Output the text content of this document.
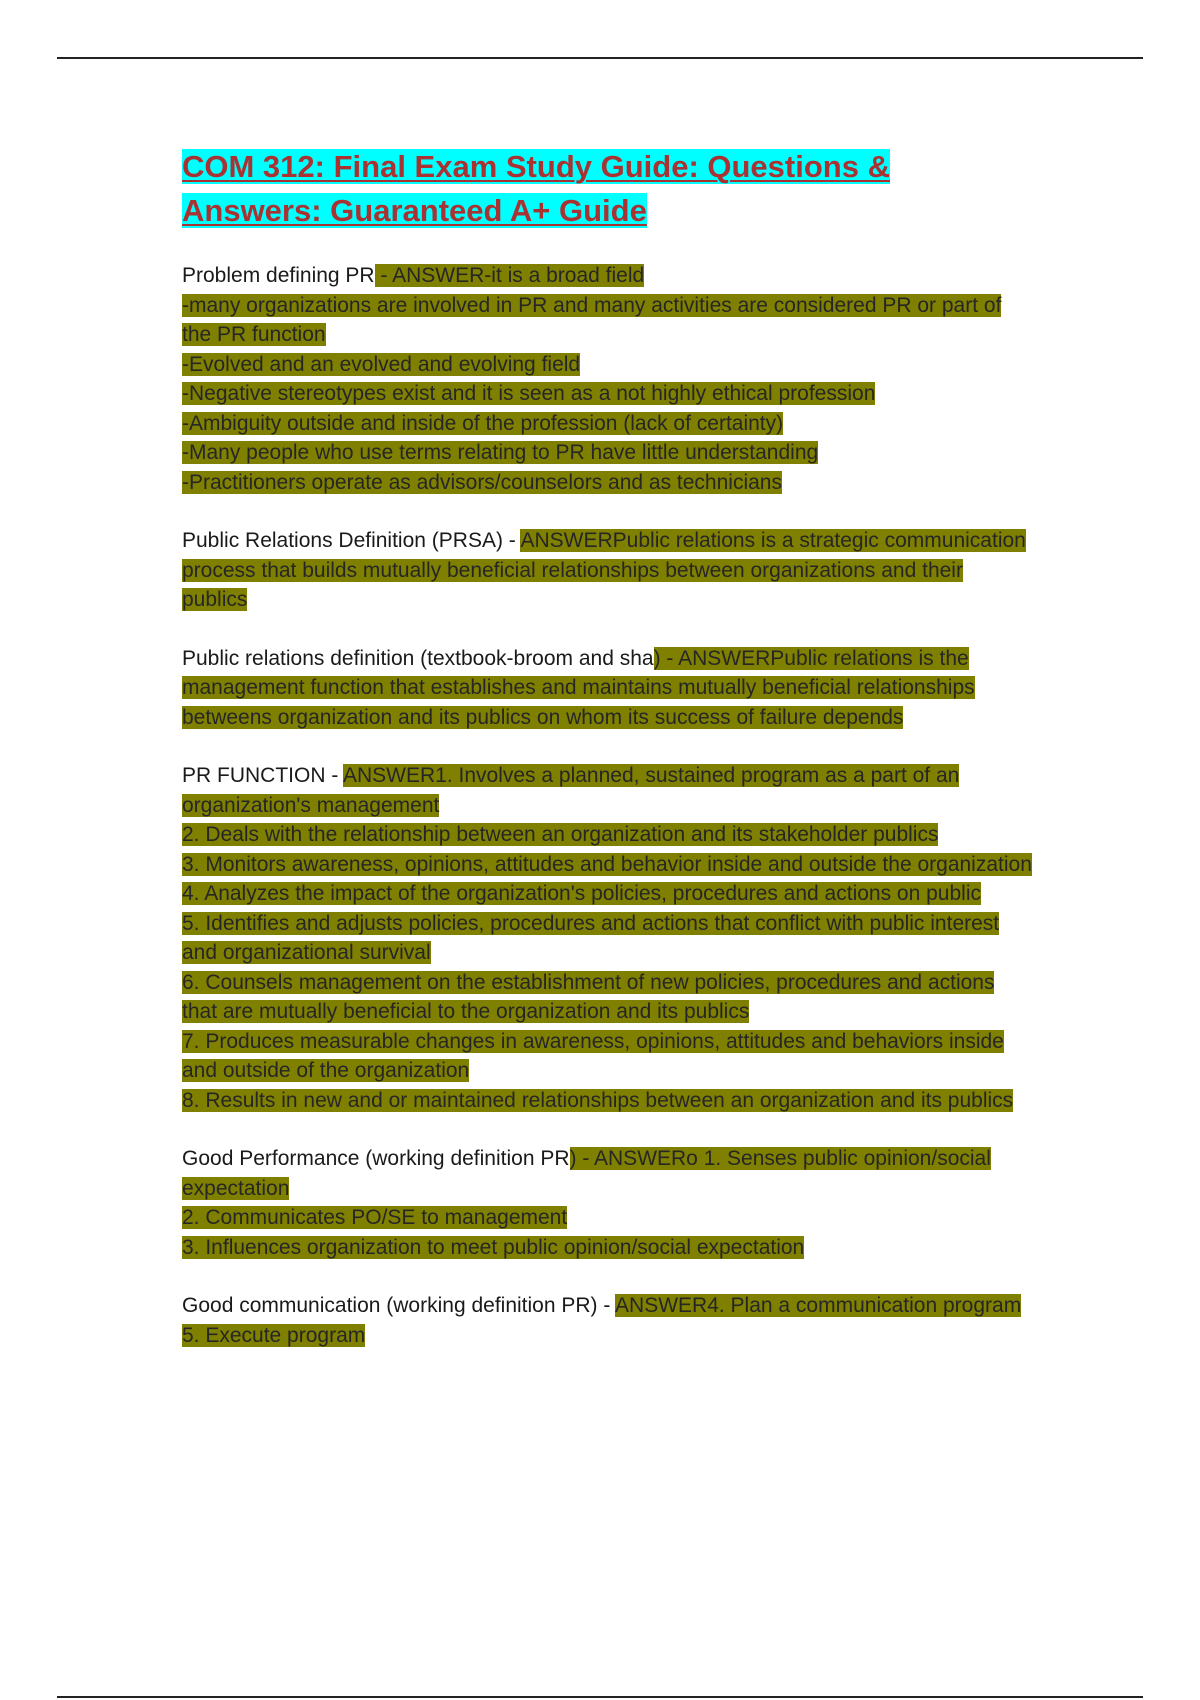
COM 312: Final Exam Study Guide: Questions & Answers: Guaranteed A+ Guide
Problem defining PR - ANSWER-it is a broad field
-many organizations are involved in PR and many activities are considered PR or part of the PR function
-Evolved and an evolved and evolving field
-Negative stereotypes exist and it is seen as a not highly ethical profession
-Ambiguity outside and inside of the profession (lack of certainty)
-Many people who use terms relating to PR have little understanding
-Practitioners operate as advisors/counselors and as technicians
Public Relations Definition (PRSA) - ANSWERPublic relations is a strategic communication process that builds mutually beneficial relationships between organizations and their publics
Public relations definition (textbook-broom and sha) - ANSWERPublic relations is the management function that establishes and maintains mutually beneficial relationships betweens organization and its publics on whom its success of failure depends
PR FUNCTION - ANSWER1. Involves a planned, sustained program as a part of an organization's management
2. Deals with the relationship between an organization and its stakeholder publics
3. Monitors awareness, opinions, attitudes and behavior inside and outside the organization
4. Analyzes the impact of the organization's policies, procedures and actions on public
5. Identifies and adjusts policies, procedures and actions that conflict with public interest and organizational survival
6. Counsels management on the establishment of new policies, procedures and actions that are mutually beneficial to the organization and its publics
7. Produces measurable changes in awareness, opinions, attitudes and behaviors inside and outside of the organization
8. Results in new and or maintained relationships between an organization and its publics
Good Performance (working definition PR) - ANSWERo 1. Senses public opinion/social expectation
2. Communicates PO/SE to management
3. Influences organization to meet public opinion/social expectation
Good communication (working definition PR) - ANSWER4. Plan a communication program
5. Execute program
